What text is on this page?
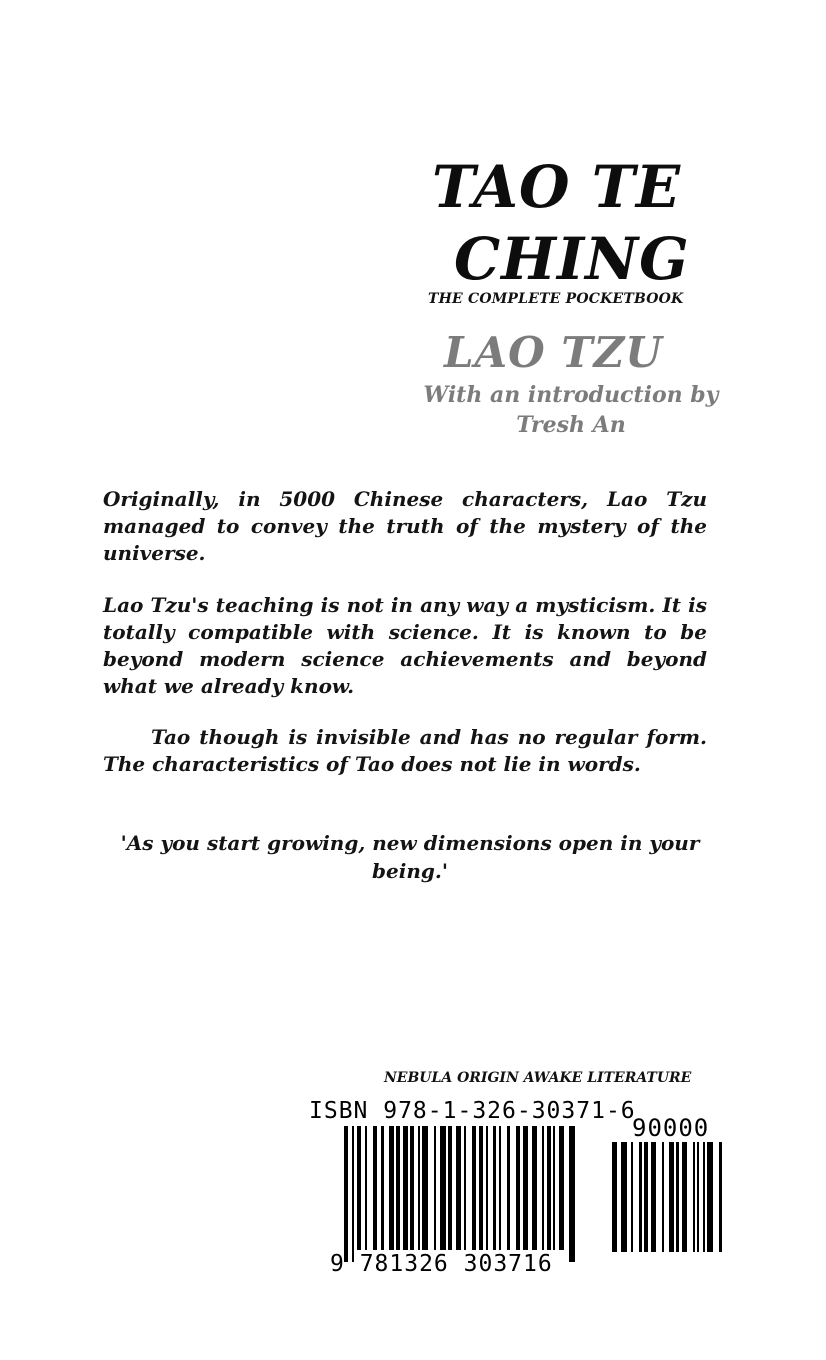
TAO TE
CHING
THE COMPLETE POCKETBOOK
LAO TZU
With an introduction by Tresh An
Originally, in 5000 Chinese characters, Lao Tzu managed to convey the truth of the mystery of the universe.
Lao Tzu's teaching is not in any way a mysticism. It is totally compatible with science. It is known to be beyond modern science achievements and beyond what we already know.
Tao though is invisible and has no regular form. The characteristics of Tao does not lie in words.
'As you start growing, new dimensions open in your being.'
NEBULA ORIGIN AWAKE LITERATURE
ISBN 978-1-326-30371-6
90000
9 781326 303716
